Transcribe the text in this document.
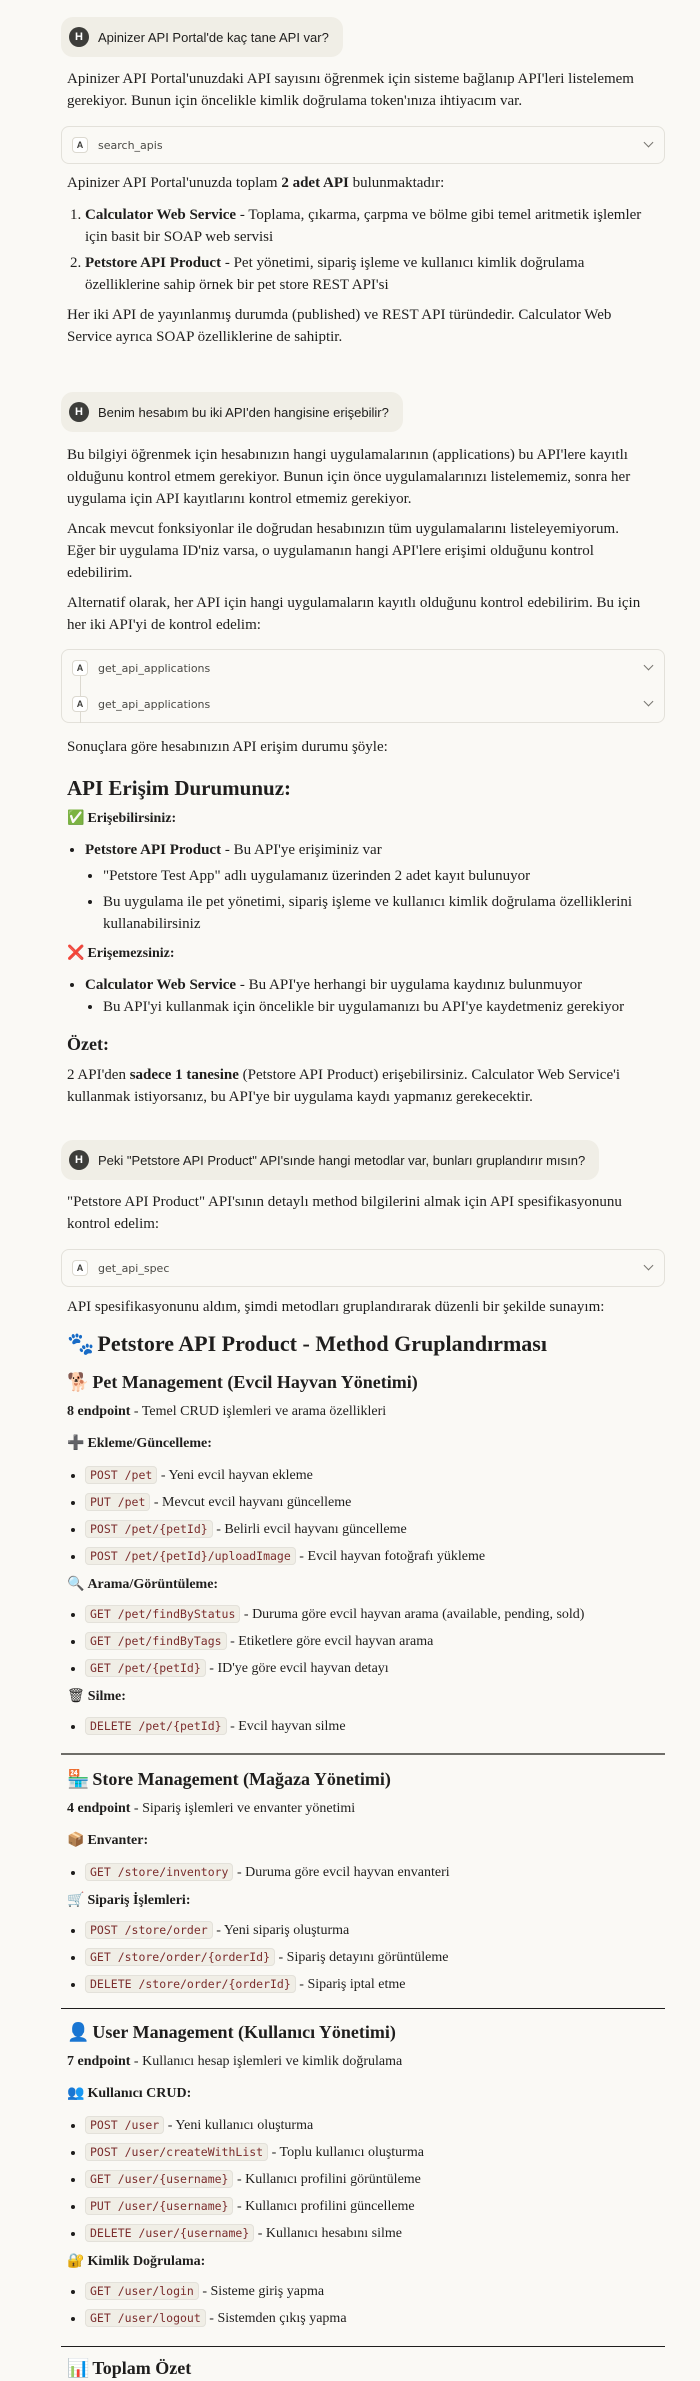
H	Apinizer API Portal'de kaç tane API var?

Apinizer API Portal'unuzdaki API sayısını öğrenmek için sisteme bağlanıp API'leri listelemem gerekiyor. Bunun için öncelikle kimlik doğrulama token'ınıza ihtiyacım var.

A	search_apis

Apinizer API Portal'unuzda toplam 2 adet API bulunmaktadır:

1. Calculator Web Service - Toplama, çıkarma, çarpma ve bölme gibi temel aritmetik işlemler için basit bir SOAP web servisi
2. Petstore API Product - Pet yönetimi, sipariş işleme ve kullanıcı kimlik doğrulama özelliklerine sahip örnek bir pet store REST API'si

Her iki API de yayınlanmış durumda (published) ve REST API türündedir. Calculator Web Service ayrıca SOAP özelliklerine de sahiptir.

H	Benim hesabım bu iki API'den hangisine erişebilir?

Bu bilgiyi öğrenmek için hesabınızın hangi uygulamalarının (applications) bu API'lere kayıtlı olduğunu kontrol etmem gerekiyor. Bunun için önce uygulamalarınızı listelememiz, sonra her uygulama için API kayıtlarını kontrol etmemiz gerekiyor.

Ancak mevcut fonksiyonlar ile doğrudan hesabınızın tüm uygulamalarını listeleyemiyorum. Eğer bir uygulama ID'niz varsa, o uygulamanın hangi API'lere erişimi olduğunu kontrol edebilirim.

Alternatif olarak, her API için hangi uygulamaların kayıtlı olduğunu kontrol edebilirim. Bu için her iki API'yi de kontrol edelim:

A	get_api_applications
A	get_api_applications

Sonuçlara göre hesabınızın API erişim durumu şöyle:

API Erişim Durumunuz:
✅ Erişebilirsiniz:
• Petstore API Product - Bu API'ye erişiminiz var
• "Petstore Test App" adlı uygulamanız üzerinden 2 adet kayıt bulunuyor
• Bu uygulama ile pet yönetimi, sipariş işleme ve kullanıcı kimlik doğrulama özelliklerini kullanabilirsiniz
❌ Erişemezsiniz:
• Calculator Web Service - Bu API'ye herhangi bir uygulama kaydınız bulunmuyor
• Bu API'yi kullanmak için öncelikle bir uygulamanızı bu API'ye kaydetmeniz gerekiyor
Özet:

2 API'den sadece 1 tanesine (Petstore API Product) erişebilirsiniz. Calculator Web Service'i kullanmak istiyorsanız, bu API'ye bir uygulama kaydı yapmanız gerekecektir.

H	Peki "Petstore API Product" API'sınde hangi metodlar var, bunları gruplandırır mısın?

"Petstore API Product" API'sının detaylı method bilgilerini almak için API spesifikasyonunu kontrol edelim:

A	get_api_spec

API spesifikasyonunu aldım, şimdi metodları gruplandırarak düzenli bir şekilde sunayım:

🐾 Petstore API Product - Method Gruplandırması
🐕 Pet Management (Evcil Hayvan Yönetimi)

8 endpoint - Temel CRUD işlemleri ve arama özellikleri

➕ Ekleme/Güncelleme:
• POST /pet - Yeni evcil hayvan ekleme
• PUT /pet - Mevcut evcil hayvanı güncelleme
• POST /pet/{petId} - Belirli evcil hayvanı güncelleme
• POST /pet/{petId}/uploadImage - Evcil hayvan fotoğrafı yükleme
🔍 Arama/Görüntüleme:
• GET /pet/findByStatus - Duruma göre evcil hayvan arama (available, pending, sold)
• GET /pet/findByTags - Etiketlere göre evcil hayvan arama
• GET /pet/{petId} - ID'ye göre evcil hayvan detayı
🗑 Silme:
• DELETE /pet/{petId} - Evcil hayvan silme
🏪 Store Management (Mağaza Yönetimi)

4 endpoint - Sipariş işlemleri ve envanter yönetimi

📦 Envanter:
• GET /store/inventory - Duruma göre evcil hayvan envanteri
🛒 Sipariş İşlemleri:
• POST /store/order - Yeni sipariş oluşturma
• GET /store/order/{orderId} - Sipariş detayını görüntüleme
• DELETE /store/order/{orderId} - Sipariş iptal etme
👤 User Management (Kullanıcı Yönetimi)

7 endpoint - Kullanıcı hesap işlemleri ve kimlik doğrulama

👥 Kullanıcı CRUD:
• POST /user - Yeni kullanıcı oluşturma
• POST /user/createWithList - Toplu kullanıcı oluşturma
• GET /user/{username} - Kullanıcı profilini görüntüleme
• PUT /user/{username} - Kullanıcı profilini güncelleme
• DELETE /user/{username} - Kullanıcı hesabını silme
🔐 Kimlik Doğrulama:
• GET /user/login - Sisteme giriş yapma
• GET /user/logout - Sistemden çıkış yapma
📊 Toplam Özet
